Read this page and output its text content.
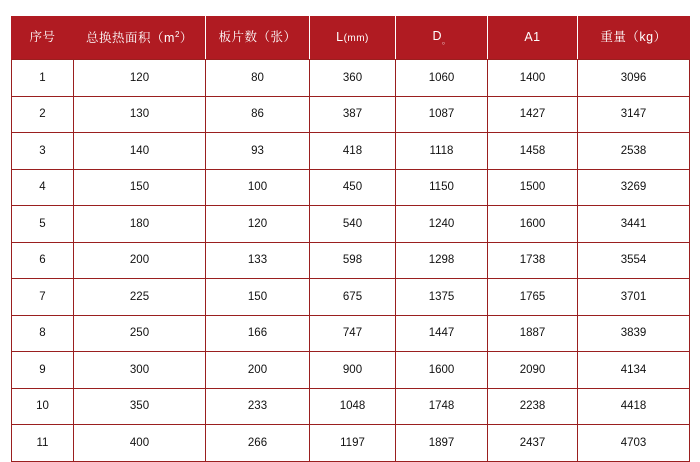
序号	总换热面积$(m^2)$	板片数（张）	L(mm)	$D_。$	A1	重量（kg）

1	120	80	360	1060	1400	3096
2	130	86	387	1087	1427	3147
3	140	93	418	1118	1458	2538
4	150	100	450	1150	1500	3269
5	180	120	540	1240	1600	3441
6	200	133	598	1298	1738	3554
7	225	150	675	1375	1765	3701
8	250	166	747	1447	1887	3839
9	300	200	900	1600	2090	4134
10	350	233	1048	1748	2238	4418
11	400	266	1197	1897	2437	4703
